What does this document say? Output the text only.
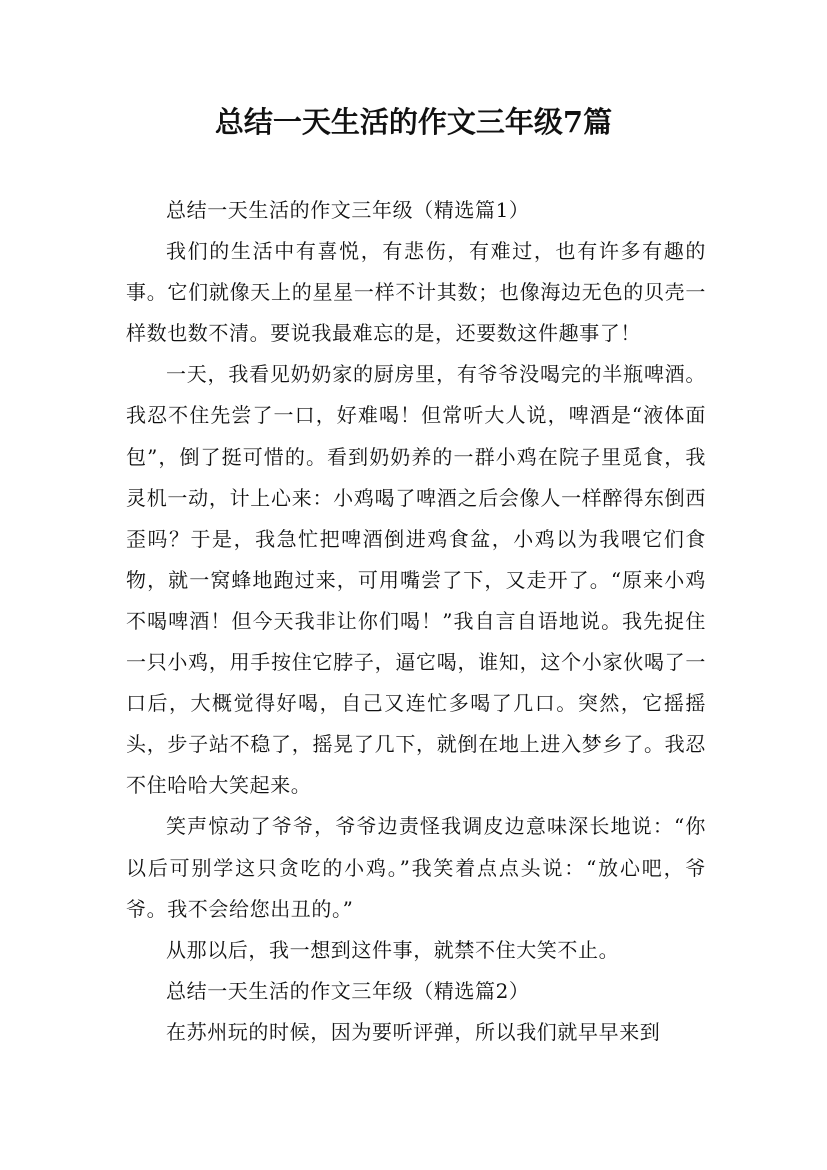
总结一天生活的作文三年级7篇

总结一天生活的作文三年级（精选篇1）

我们的生活中有喜悦，有悲伤，有难过，也有许多有趣的事。它们就像天上的星星一样不计其数；也像海边无色的贝壳一样数也数不清。要说我最难忘的是，还要数这件趣事了！

一天，我看见奶奶家的厨房里，有爷爷没喝完的半瓶啤酒。我忍不住先尝了一口，好难喝！但常听大人说，啤酒是“液体面包”，倒了挺可惜的。看到奶奶养的一群小鸡在院子里觅食，我灵机一动，计上心来：小鸡喝了啤酒之后会像人一样醉得东倒西歪吗？于是，我急忙把啤酒倒进鸡食盆，小鸡以为我喂它们食物，就一窝蜂地跑过来，可用嘴尝了下，又走开了。“原来小鸡不喝啤酒！但今天我非让你们喝！”我自言自语地说。我先捉住一只小鸡，用手按住它脖子，逼它喝，谁知，这个小家伙喝了一口后，大概觉得好喝，自己又连忙多喝了几口。突然，它摇摇头，步子站不稳了，摇晃了几下，就倒在地上进入梦乡了。我忍不住哈哈大笑起来。

笑声惊动了爷爷，爷爷边责怪我调皮边意味深长地说：“你以后可别学这只贪吃的小鸡。”我笑着点点头说：“放心吧，爷爷。我不会给您出丑的。”

从那以后，我一想到这件事，就禁不住大笑不止。

总结一天生活的作文三年级（精选篇2）

在苏州玩的时候，因为要听评弹，所以我们就早早来到
